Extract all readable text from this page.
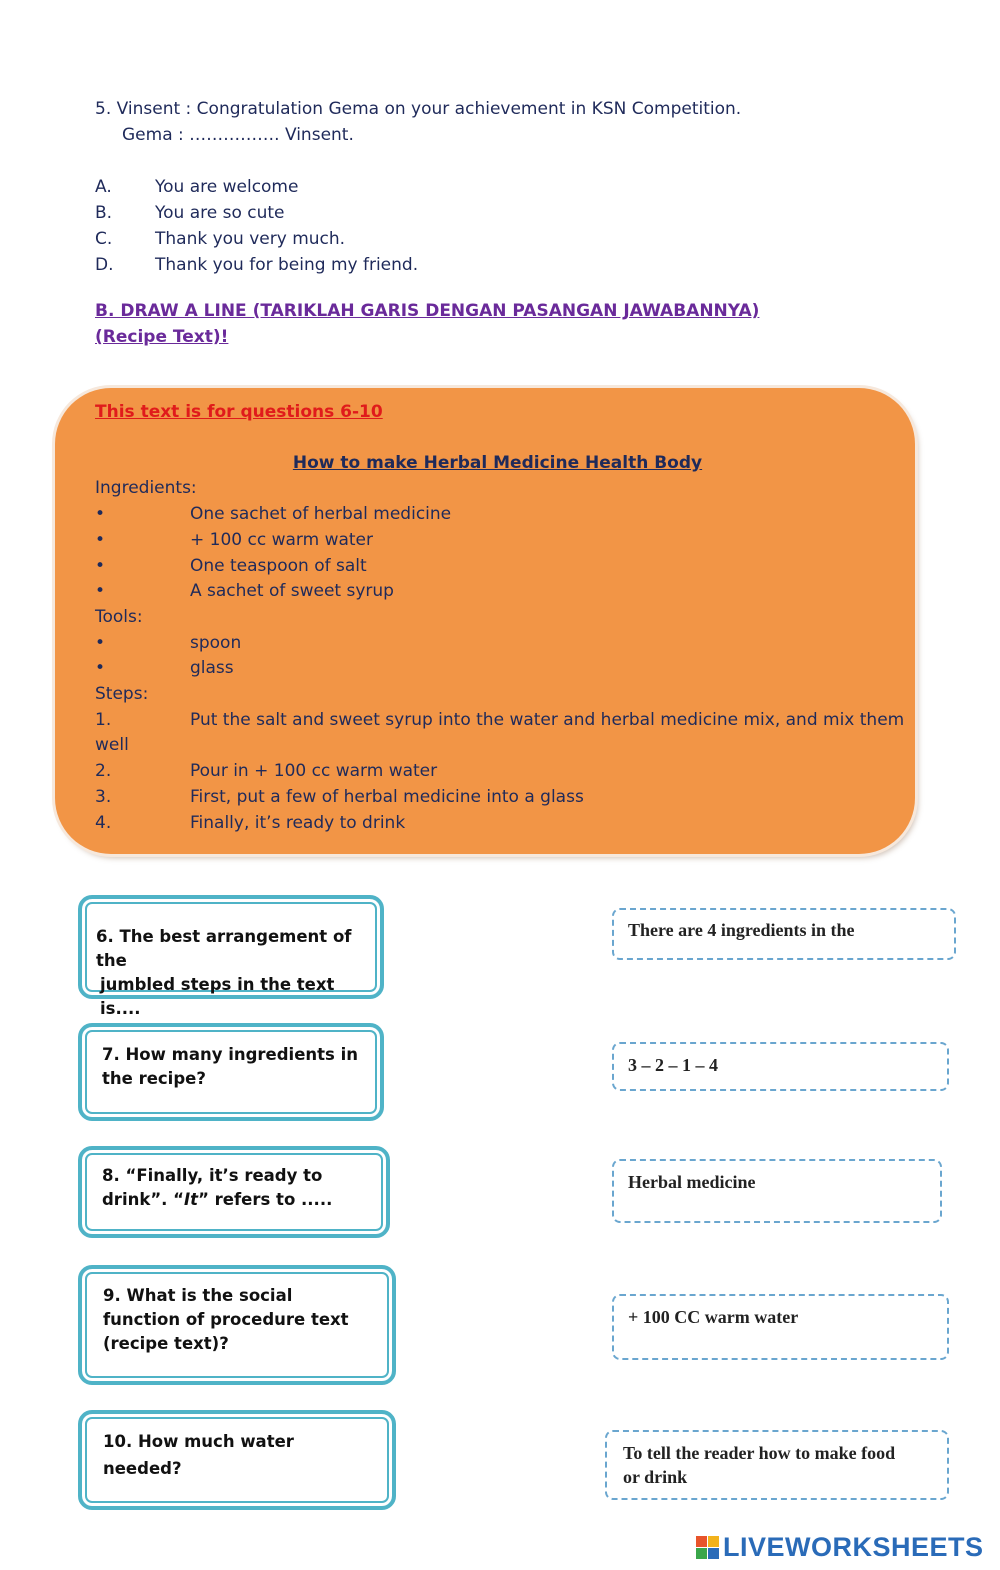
5. Vinsent : Congratulation Gema on your achievement in KSN Competition.
Gema : ……………. Vinsent.
A.	You are welcome
B.	You are so cute
C.	Thank you very much.
D.	Thank you for being my friend.
B. DRAW A LINE (TARIKLAH GARIS DENGAN PASANGAN JAWABANNYA)
(Recipe Text)!
This text is for questions 6-10
How to make Herbal Medicine Health Body
Ingredients:
•	One sachet of herbal medicine
•	+ 100 cc warm water
•	One teaspoon of salt
•	A sachet of sweet syrup
Tools:
•	spoon
•	glass
Steps:
1.	Put the salt and sweet syrup into the water and herbal medicine mix, and mix them
well
2.	Pour in + 100 cc warm water
3.	First, put a few of herbal medicine into a glass
4.	Finally, it’s ready to drink
6. The best arrangement of the
jumbled steps in the text is....
7. How many ingredients in
the recipe?
8. “Finally, it’s ready to
drink”. “It” refers to .....
9. What is the social
function of procedure text
(recipe text)?
10. How much water
needed?
There are 4 ingredients in the
3 – 2 – 1 – 4
Herbal medicine
+ 100 CC warm water
To tell the reader how to make food
or drink
LIVEWORKSHEETS
